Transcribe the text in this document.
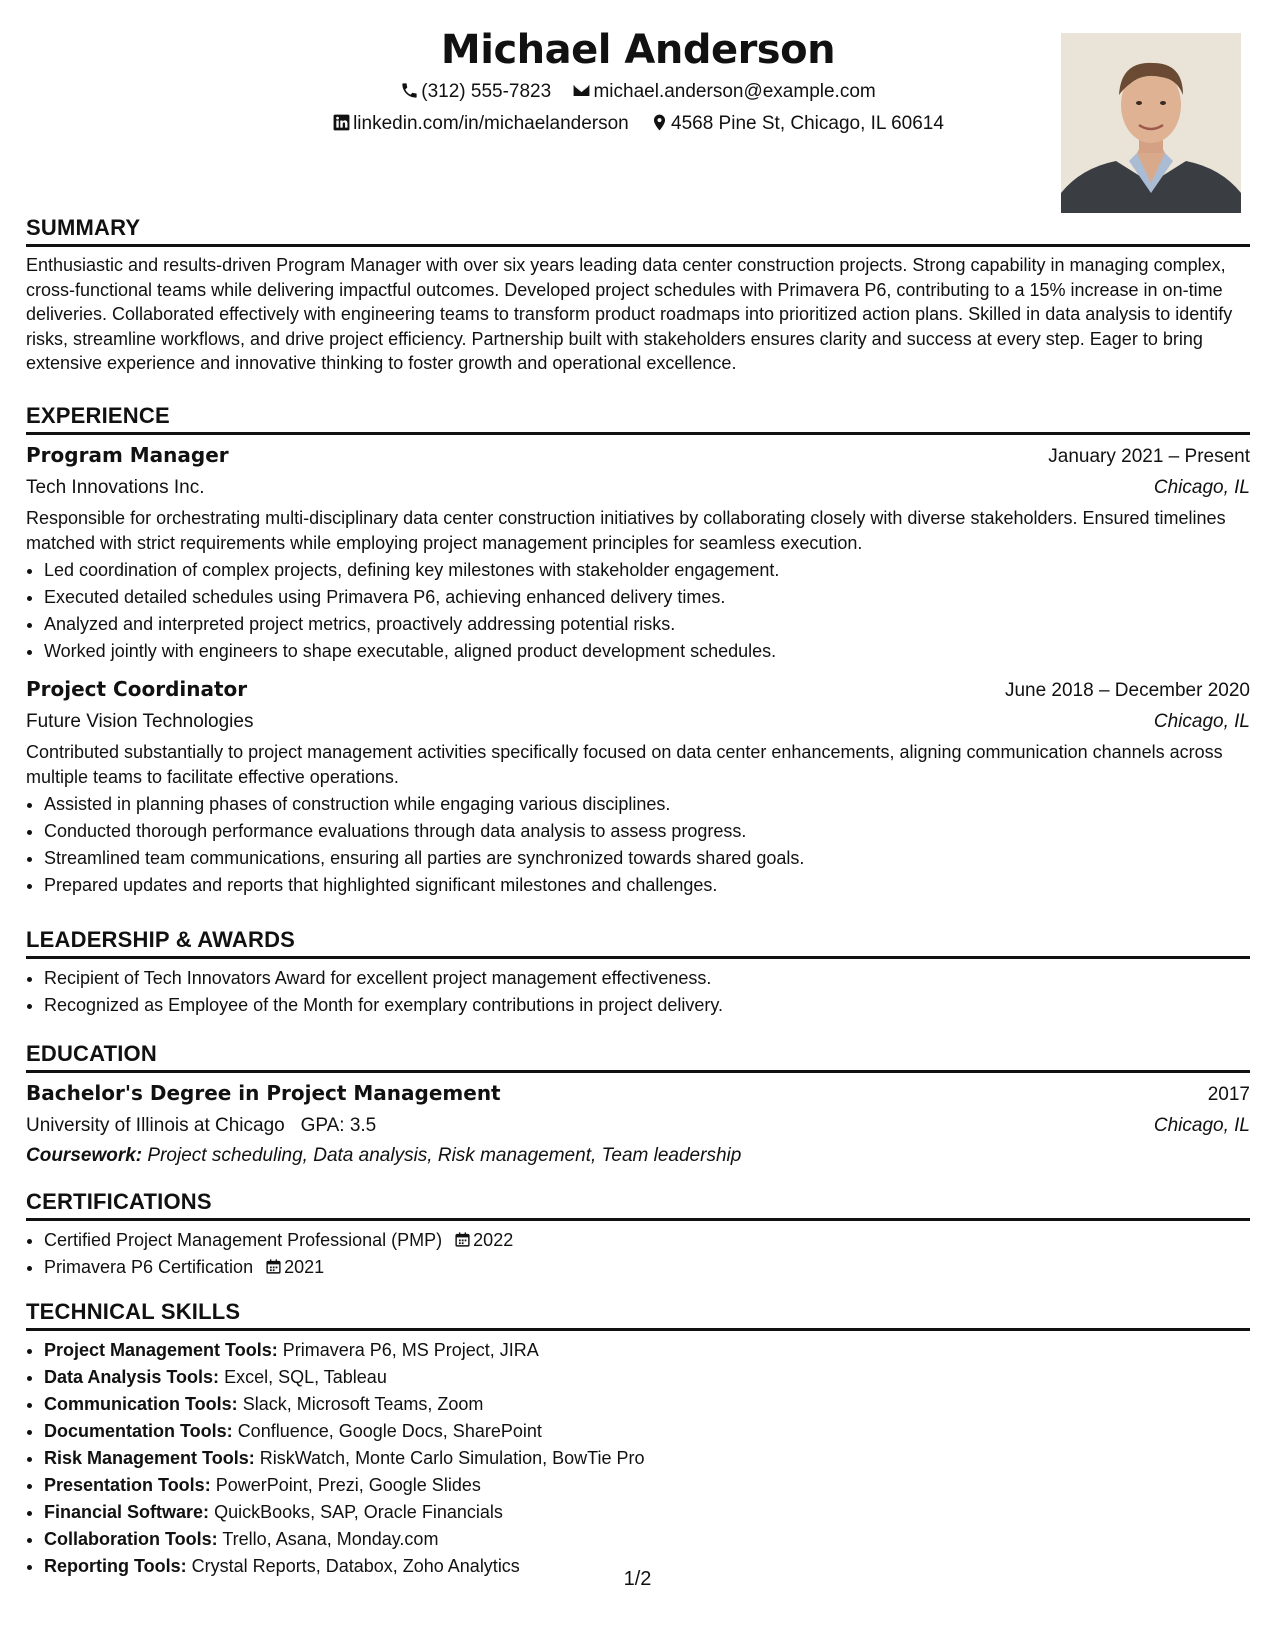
Michael Anderson
(312) 555-7823 michael.anderson@example.com
linkedin.com/in/michaelanderson 4568 Pine St, Chicago, IL 60614
SUMMARY

Enthusiastic and results-driven Program Manager with over six years leading data center construction projects. Strong capability in managing complex, cross-functional teams while delivering impactful outcomes. Developed project schedules with Primavera P6, contributing to a 15% increase in on-time deliveries. Collaborated effectively with engineering teams to transform product roadmaps into prioritized action plans. Skilled in data analysis to identify risks, streamline workflows, and drive project efficiency. Partnership built with stakeholders ensures clarity and success at every step. Eager to bring extensive experience and innovative thinking to foster growth and operational excellence.

EXPERIENCE
Program Manager	January 2021 – Present
Tech Innovations Inc.	Chicago, IL

Responsible for orchestrating multi-disciplinary data center construction initiatives by collaborating closely with diverse stakeholders. Ensured timelines matched with strict requirements while employing project management principles for seamless execution.

• Led coordination of complex projects, defining key milestones with stakeholder engagement.
• Executed detailed schedules using Primavera P6, achieving enhanced delivery times.
• Analyzed and interpreted project metrics, proactively addressing potential risks.
• Worked jointly with engineers to shape executable, aligned product development schedules.
Project Coordinator	June 2018 – December 2020
Future Vision Technologies	Chicago, IL

Contributed substantially to project management activities specifically focused on data center enhancements, aligning communication channels across multiple teams to facilitate effective operations.

• Assisted in planning phases of construction while engaging various disciplines.
• Conducted thorough performance evaluations through data analysis to assess progress.
• Streamlined team communications, ensuring all parties are synchronized towards shared goals.
• Prepared updates and reports that highlighted significant milestones and challenges.
LEADERSHIP & AWARDS
• Recipient of Tech Innovators Award for excellent project management effectiveness.
• Recognized as Employee of the Month for exemplary contributions in project delivery.
EDUCATION
Bachelor's Degree in Project Management	2017
University of Illinois at Chicago GPA: 3.5	Chicago, IL
Coursework: Project scheduling, Data analysis, Risk management, Team leadership
CERTIFICATIONS
• Certified Project Management Professional (PMP) 2022
• Primavera P6 Certification 2021
TECHNICAL SKILLS
• Project Management Tools: Primavera P6, MS Project, JIRA
• Data Analysis Tools: Excel, SQL, Tableau
• Communication Tools: Slack, Microsoft Teams, Zoom
• Documentation Tools: Confluence, Google Docs, SharePoint
• Risk Management Tools: RiskWatch, Monte Carlo Simulation, BowTie Pro
• Presentation Tools: PowerPoint, Prezi, Google Slides
• Financial Software: QuickBooks, SAP, Oracle Financials
• Collaboration Tools: Trello, Asana, Monday.com
• Reporting Tools: Crystal Reports, Databox, Zoho Analytics
1/2
